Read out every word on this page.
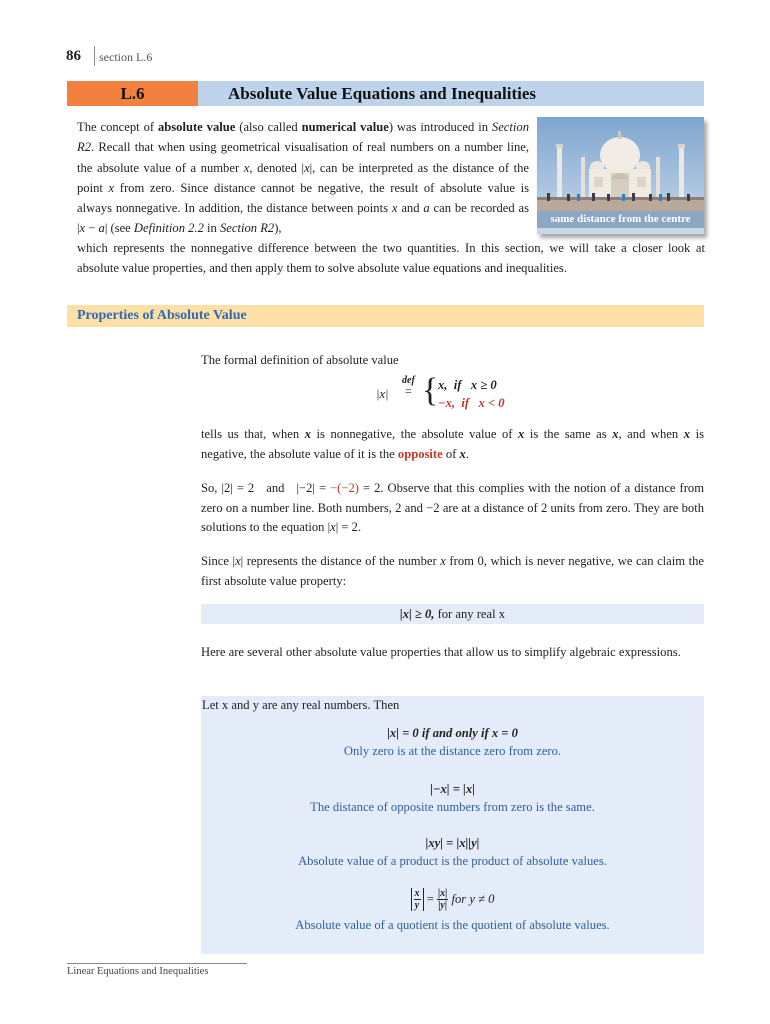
86 section L.6
L.6	Absolute Value Equations and Inequalities
The concept of absolute value (also called numerical value) was introduced in Section R2. Recall that when using geometrical visualisation of real numbers on a number line, the absolute value of a number x, denoted |x|, can be interpreted as the distance of the point x from zero. Since distance cannot be negative, the result of absolute value is always nonnegative. In addition, the distance between points x and a can be recorded as |x − a| (see Definition 2.2 in Section R2),
which represents the nonnegative difference between the two quantities. In this section, we will take a closer look at absolute value properties, and then apply them to solve absolute value equations and inequalities.
same distance from the centre
Properties of Absolute Value
The formal definition of absolute value
|x|
def
= { x,  if   x ≥ 0
−x,  if   x < 0
tells us that, when x is nonnegative, the absolute value of x is the same as x, and when x is negative, the absolute value of it is the opposite of x.
So, |2| = 2   and   |−2| = −(−2) = 2. Observe that this complies with the notion of a distance from zero on a number line. Both numbers, 2 and −2 are at a distance of 2 units from zero. They are both solutions to the equation |x| = 2.
Since |x| represents the distance of the number x from 0, which is never negative, we can claim the first absolute value property:
|x| ≥ 0, for any real x
Here are several other absolute value properties that allow us to simplify algebraic expressions.
Let x and y are any real numbers. Then
|x| = 0 if and only if x = 0
Only zero is at the distance zero from zero.
|−x| = |x|
The distance of opposite numbers from zero is the same.
|xy| = |x||y|
Absolute value of a product is the product of absolute values.
$\frac{x}{y} = \frac{|x|}{|y|}$ for y ≠ 0
Absolute value of a quotient is the quotient of absolute values.
Linear Equations and Inequalities
